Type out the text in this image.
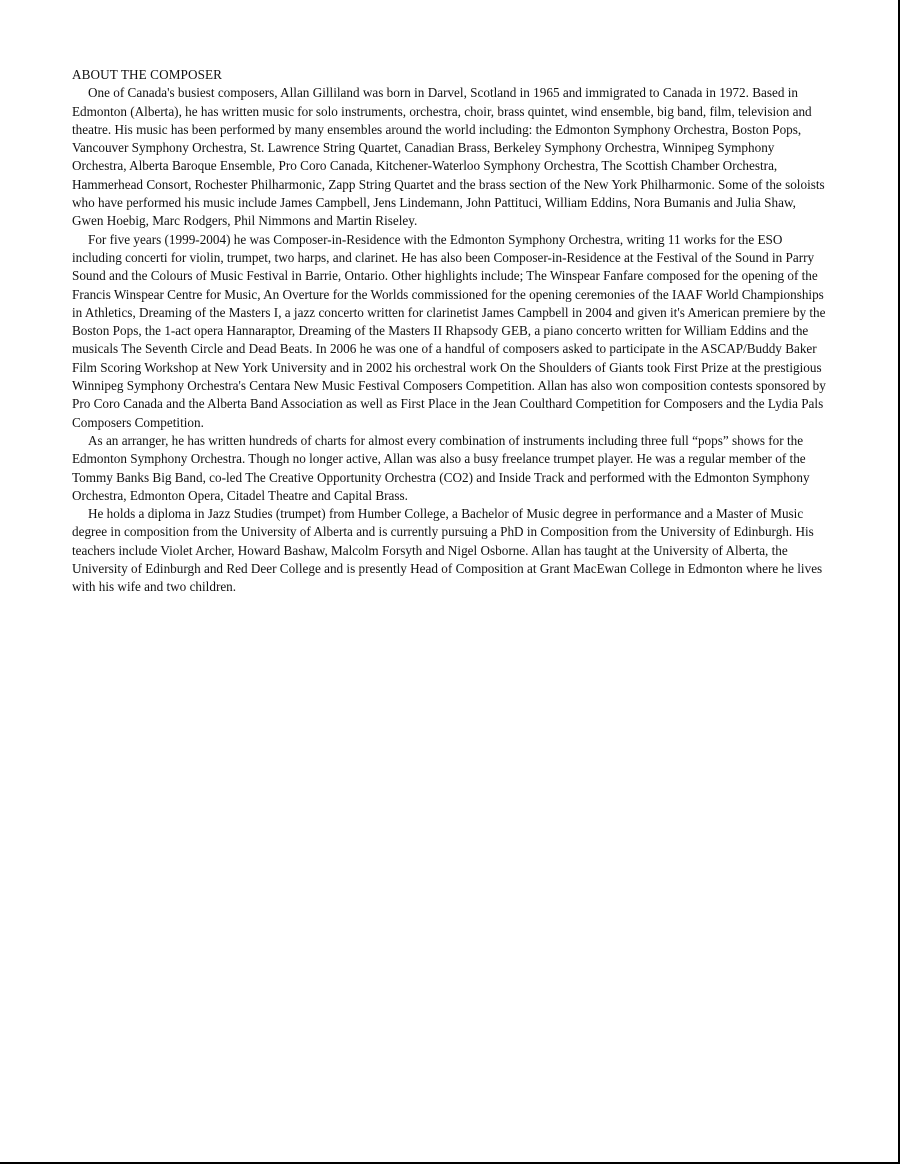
ABOUT THE COMPOSER

One of Canada's busiest composers, Allan Gilliland was born in Darvel, Scotland in 1965 and immigrated to Canada in 1972. Based in Edmonton (Alberta), he has written music for solo instruments, orchestra, choir, brass quintet, wind ensemble, big band, film, television and theatre. His music has been performed by many ensembles around the world including: the Edmonton Symphony Orchestra, Boston Pops, Vancouver Symphony Orchestra, St. Lawrence String Quartet, Canadian Brass, Berkeley Symphony Orchestra, Winnipeg Symphony Orchestra, Alberta Baroque Ensemble, Pro Coro Canada, Kitchener-Waterloo Symphony Orchestra, The Scottish Chamber Orchestra, Hammerhead Consort, Rochester Philharmonic, Zapp String Quartet and the brass section of the New York Philharmonic. Some of the soloists who have performed his music include James Campbell, Jens Lindemann, John Pattituci, William Eddins, Nora Bumanis and Julia Shaw, Gwen Hoebig, Marc Rodgers, Phil Nimmons and Martin Riseley.

For five years (1999-2004) he was Composer-in-Residence with the Edmonton Symphony Orchestra, writing 11 works for the ESO including concerti for violin, trumpet, two harps, and clarinet. He has also been Composer-in-Residence at the Festival of the Sound in Parry Sound and the Colours of Music Festival in Barrie, Ontario. Other highlights include; The Winspear Fanfare composed for the opening of the Francis Winspear Centre for Music, An Overture for the Worlds commissioned for the opening ceremonies of the IAAF World Championships in Athletics, Dreaming of the Masters I, a jazz concerto written for clarinetist James Campbell in 2004 and given it's American premiere by the Boston Pops, the 1-act opera Hannaraptor, Dreaming of the Masters II Rhapsody GEB, a piano concerto written for William Eddins and the musicals The Seventh Circle and Dead Beats. In 2006 he was one of a handful of composers asked to participate in the ASCAP/Buddy Baker Film Scoring Workshop at New York University and in 2002 his orchestral work On the Shoulders of Giants took First Prize at the prestigious Winnipeg Symphony Orchestra's Centara New Music Festival Composers Competition. Allan has also won composition contests sponsored by Pro Coro Canada and the Alberta Band Association as well as First Place in the Jean Coulthard Competition for Composers and the Lydia Pals Composers Competition.

As an arranger, he has written hundreds of charts for almost every combination of instruments including three full “pops” shows for the Edmonton Symphony Orchestra. Though no longer active, Allan was also a busy freelance trumpet player. He was a regular member of the Tommy Banks Big Band, co-led The Creative Opportunity Orchestra (CO2) and Inside Track and performed with the Edmonton Symphony Orchestra, Edmonton Opera, Citadel Theatre and Capital Brass.

He holds a diploma in Jazz Studies (trumpet) from Humber College, a Bachelor of Music degree in performance and a Master of Music degree in composition from the University of Alberta and is currently pursuing a PhD in Composition from the University of Edinburgh. His teachers include Violet Archer, Howard Bashaw, Malcolm Forsyth and Nigel Osborne. Allan has taught at the University of Alberta, the University of Edinburgh and Red Deer College and is presently Head of Composition at Grant MacEwan College in Edmonton where he lives with his wife and two children.
